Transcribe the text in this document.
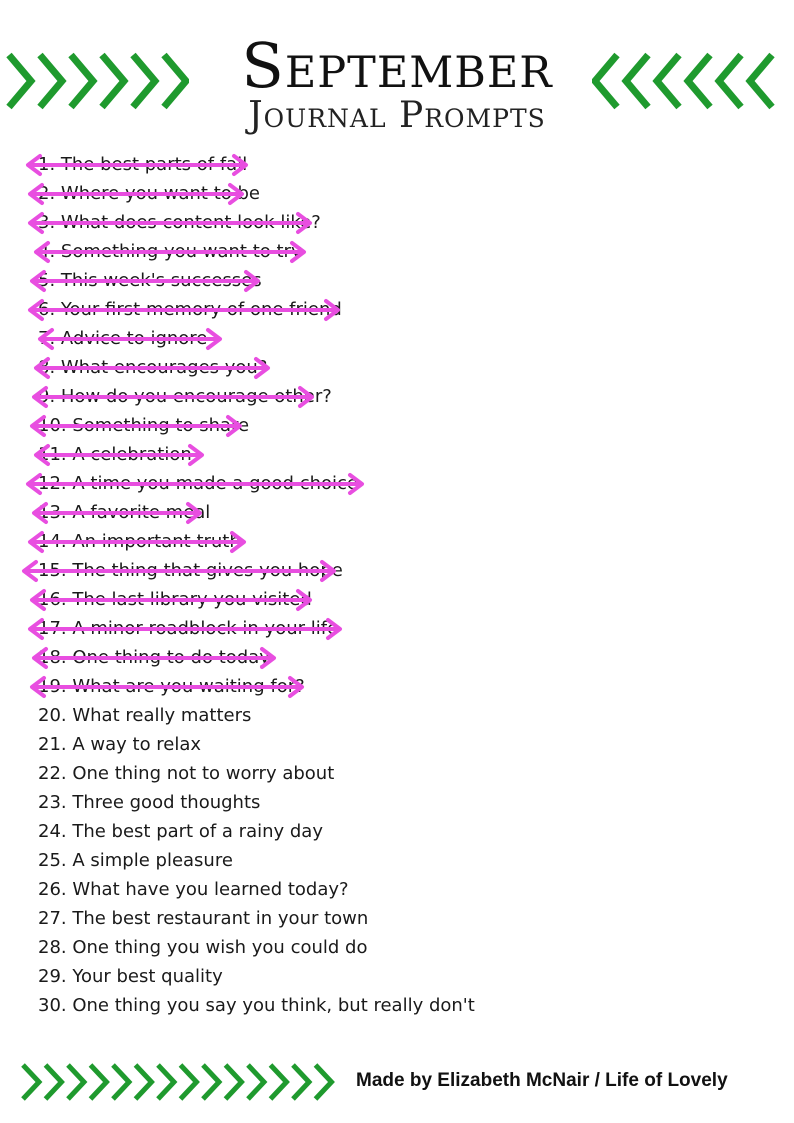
September
Journal Prompts
1. The best parts of fall
2. Where you want to be
3. What does content look like?
4. Something you want to try
5. This week's successes
6. Your first memory of one friend
7. Advice to ignore
8. What encourages you?
9. How do you encourage other?
10. Something to share
11. A celebration
12. A time you made a good choice
13. A favorite meal
14. An important truth
15. The thing that gives you hope
16. The last library you visited
17. A minor roadblock in your life
18. One thing to do today
19. What are you waiting for?
20. What really matters
21. A way to relax
22. One thing not to worry about
23. Three good thoughts
24. The best part of a rainy day
25. A simple pleasure
26. What have you learned today?
27. The best restaurant in your town
28. One thing you wish you could do
29. Your best quality
30. One thing you say you think, but really don't
Made by Elizabeth McNair / Life of Lovely
